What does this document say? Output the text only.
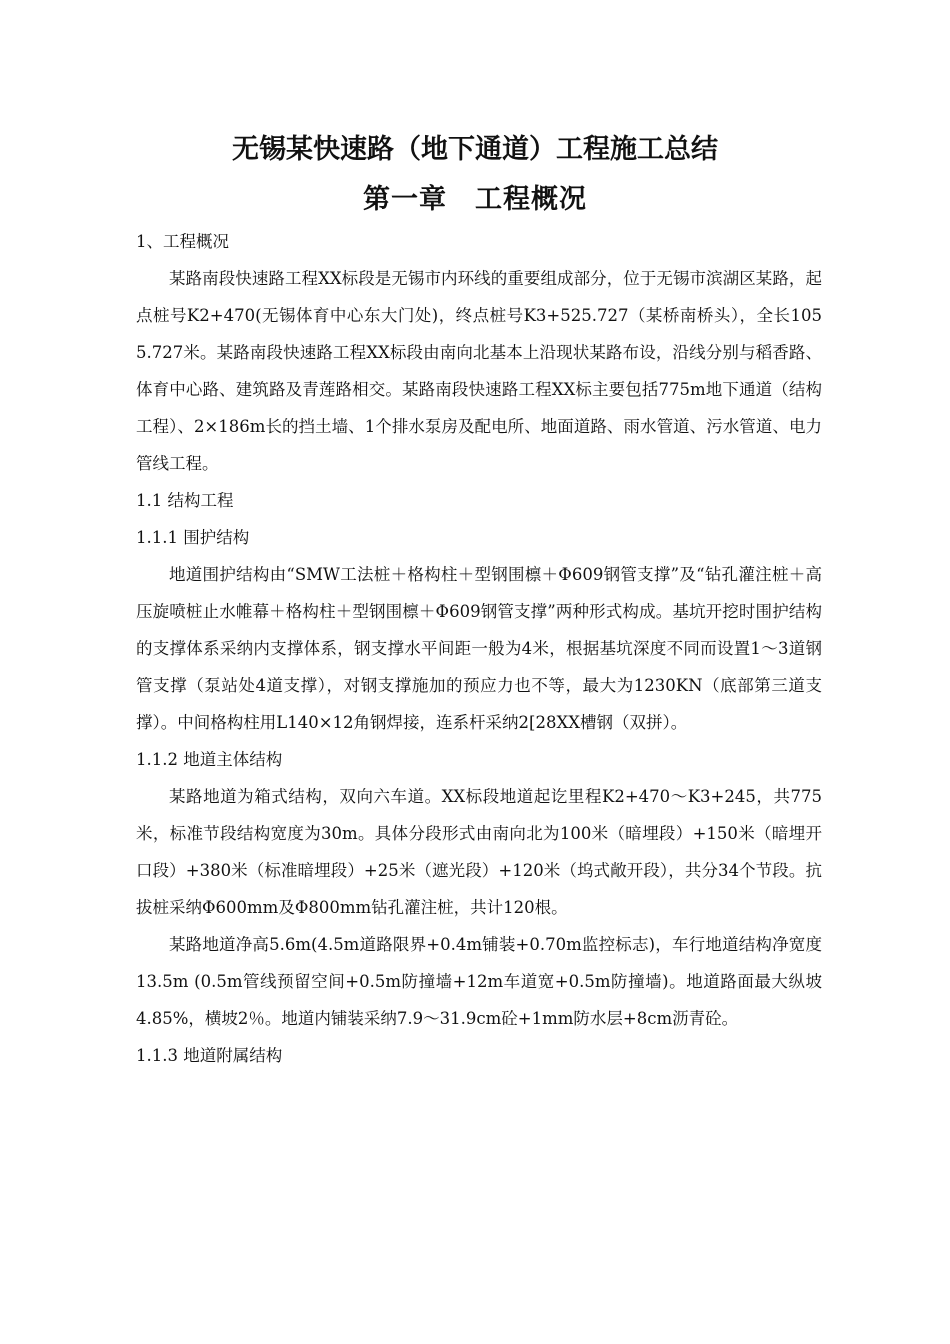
无锡某快速路（地下通道）工程施工总结
第一章　工程概况

1、工程概况

某路南段快速路工程XX标段是无锡市内环线的重要组成部分，位于无锡市滨湖区某路，起点桩号K2+470(无锡体育中心东大门处)，终点桩号K3+525.727（某桥南桥头），全长1055.727米。某路南段快速路工程XX标段由南向北基本上沿现状某路布设，沿线分别与稻香路、体育中心路、建筑路及青莲路相交。某路南段快速路工程XX标主要包括775m地下通道（结构工程）、2×186m长的挡土墙、1个排水泵房及配电所、地面道路、雨水管道、污水管道、电力管线工程。

1.1 结构工程

1.1.1 围护结构

地道围护结构由“SMW工法桩＋格构柱＋型钢围檩＋Φ609钢管支撑”及“钻孔灌注桩＋高压旋喷桩止水帷幕＋格构柱＋型钢围檩＋Φ609钢管支撑”两种形式构成。基坑开挖时围护结构的支撑体系采纳内支撑体系，钢支撑水平间距一般为4米，根据基坑深度不同而设置1～3道钢管支撑（泵站处4道支撑），对钢支撑施加的预应力也不等，最大为1230KN（底部第三道支撑）。中间格构柱用L140×12角钢焊接，连系杆采纳2[28XX槽钢（双拼）。

1.1.2 地道主体结构

某路地道为箱式结构，双向六车道。XX标段地道起讫里程K2+470～K3+245，共775米，标准节段结构宽度为30m。具体分段形式由南向北为100米（暗埋段）+150米（暗埋开口段）+380米（标准暗埋段）+25米（遮光段）+120米（坞式敞开段），共分34个节段。抗拔桩采纳Φ600mm及Φ800mm钻孔灌注桩，共计120根。

某路地道净高5.6m(4.5m道路限界+0.4m铺装+0.70m监控标志)，车行地道结构净宽度13.5m (0.5m管线预留空间+0.5m防撞墙+12m车道宽+0.5m防撞墙)。地道路面最大纵坡4.85%，横坡2％。地道内铺装采纳7.9～31.9cm砼+1mm防水层+8cm沥青砼。

1.1.3 地道附属结构
